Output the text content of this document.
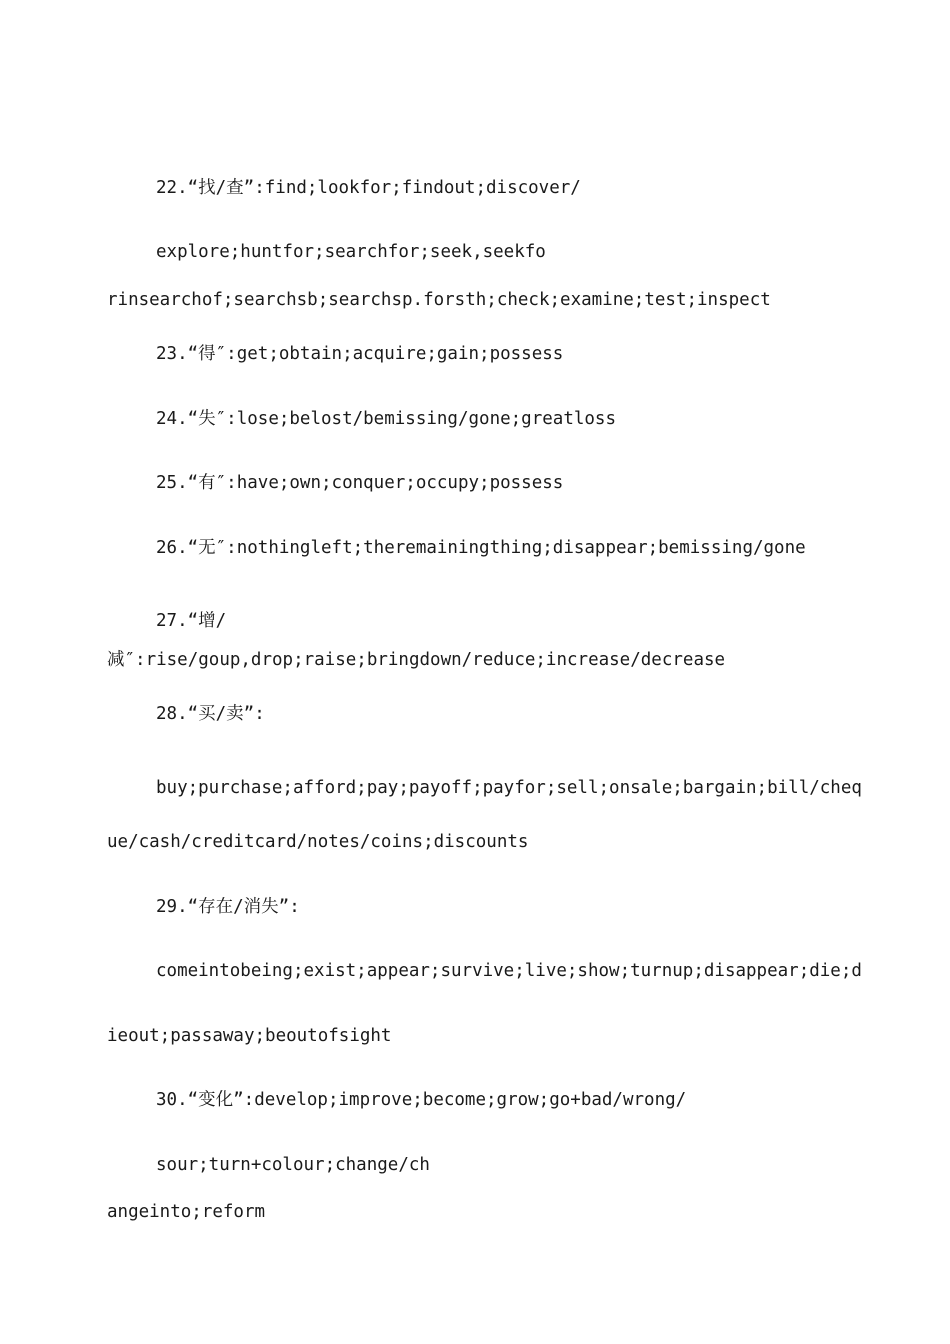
22.“找/查”:find;lookfor;findout;discover/
explore;huntfor;searchfor;seek,seekfo
rinsearchof;searchsb;searchsp.forsth;check;examine;test;inspect
23.“得″:get;obtain;acquire;gain;possess
24.“失″:lose;belost/bemissing/gone;greatloss
25.“有″:have;own;conquer;occupy;possess
26.“无″:nothingleft;theremainingthing;disappear;bemissing/gone
27.“增/
减″:rise/goup,drop;raise;bringdown/reduce;increase/decrease
28.“买/卖”:
buy;purchase;afford;pay;payoff;payfor;sell;onsale;bargain;bill/cheq
ue/cash/creditcard/notes/coins;discounts
29.“存在/消失”:
comeintobeing;exist;appear;survive;live;show;turnup;disappear;die;d
ieout;passaway;beoutofsight
30.“变化”:develop;improve;become;grow;go+bad/wrong/
sour;turn+colour;change/ch
angeinto;reform
